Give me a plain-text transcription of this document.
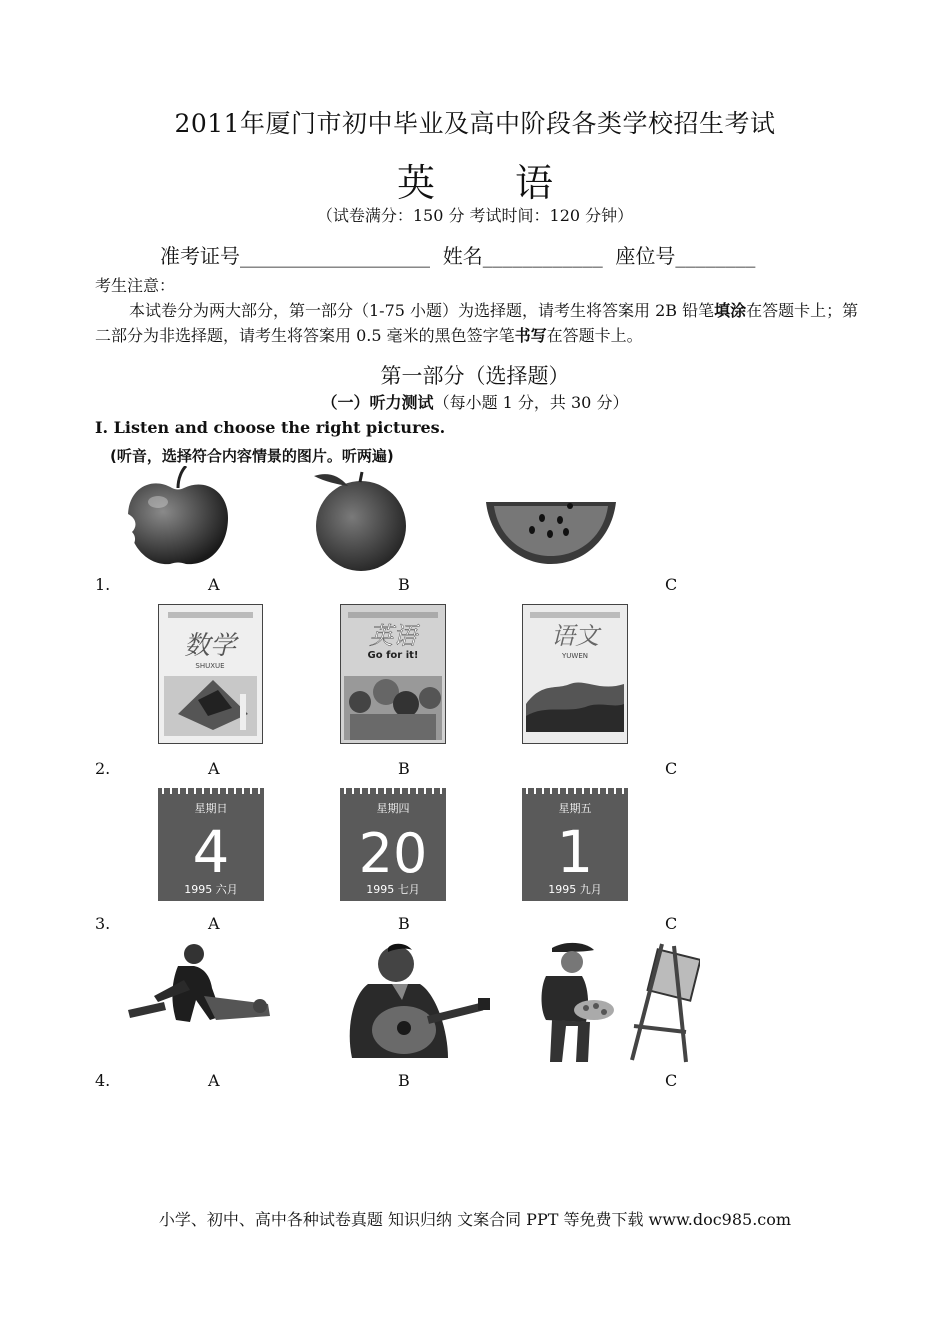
2011年厦门市初中毕业及高中阶段各类学校招生考试
英 语
（试卷满分：150 分 考试时间：120 分钟）
准考证号___________________  姓名____________  座位号________
考生注意：
本试卷分为两大部分，第一部分（1-75 小题）为选择题，请考生将答案用 2B 铅笔填涂在答题卡上；第二部分为非选择题，请考生将答案用 0.5 毫米的黑色签字笔书写在答题卡上。
第一部分（选择题）
（一）听力测试（每小题 1 分，共 30 分）
I. Listen and choose the right pictures.
(听音，选择符合内容情景的图片。听两遍)
1.	A	B	C
数学
SHUXUE
英语
Go for it!
语文
YUWEN
2.	A	B	C
星期日
4
1995 六月
星期四
20
1995 七月
星期五
1
1995 九月
3.	A	B	C
4.	A	B	C
小学、初中、高中各种试卷真题 知识归纳 文案合同 PPT 等免费下载 www.doc985.com
